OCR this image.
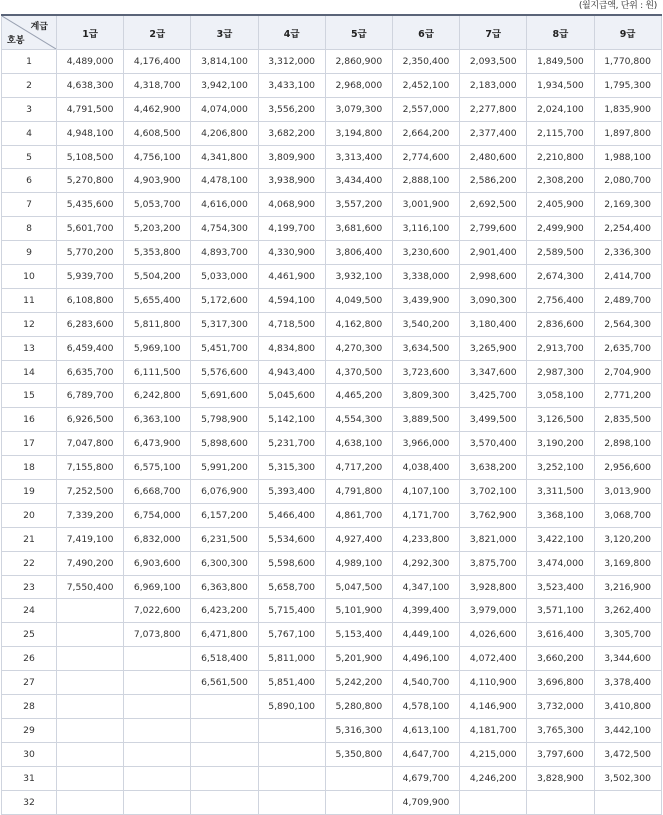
(월지급액, 단위 : 원)
계급
호봉	1급	2급	3급	4급	5급	6급	7급	8급	9급
1	4,489,000	4,176,400	3,814,100	3,312,000	2,860,900	2,350,400	2,093,500	1,849,500	1,770,800
2	4,638,300	4,318,700	3,942,100	3,433,100	2,968,000	2,452,100	2,183,000	1,934,500	1,795,300
3	4,791,500	4,462,900	4,074,000	3,556,200	3,079,300	2,557,000	2,277,800	2,024,100	1,835,900
4	4,948,100	4,608,500	4,206,800	3,682,200	3,194,800	2,664,200	2,377,400	2,115,700	1,897,800
5	5,108,500	4,756,100	4,341,800	3,809,900	3,313,400	2,774,600	2,480,600	2,210,800	1,988,100
6	5,270,800	4,903,900	4,478,100	3,938,900	3,434,400	2,888,100	2,586,200	2,308,200	2,080,700
7	5,435,600	5,053,700	4,616,000	4,068,900	3,557,200	3,001,900	2,692,500	2,405,900	2,169,300
8	5,601,700	5,203,200	4,754,300	4,199,700	3,681,600	3,116,100	2,799,600	2,499,900	2,254,400
9	5,770,200	5,353,800	4,893,700	4,330,900	3,806,400	3,230,600	2,901,400	2,589,500	2,336,300
10	5,939,700	5,504,200	5,033,000	4,461,900	3,932,100	3,338,000	2,998,600	2,674,300	2,414,700
11	6,108,800	5,655,400	5,172,600	4,594,100	4,049,500	3,439,900	3,090,300	2,756,400	2,489,700
12	6,283,600	5,811,800	5,317,300	4,718,500	4,162,800	3,540,200	3,180,400	2,836,600	2,564,300
13	6,459,400	5,969,100	5,451,700	4,834,800	4,270,300	3,634,500	3,265,900	2,913,700	2,635,700
14	6,635,700	6,111,500	5,576,600	4,943,400	4,370,500	3,723,600	3,347,600	2,987,300	2,704,900
15	6,789,700	6,242,800	5,691,600	5,045,600	4,465,200	3,809,300	3,425,700	3,058,100	2,771,200
16	6,926,500	6,363,100	5,798,900	5,142,100	4,554,300	3,889,500	3,499,500	3,126,500	2,835,500
17	7,047,800	6,473,900	5,898,600	5,231,700	4,638,100	3,966,000	3,570,400	3,190,200	2,898,100
18	7,155,800	6,575,100	5,991,200	5,315,300	4,717,200	4,038,400	3,638,200	3,252,100	2,956,600
19	7,252,500	6,668,700	6,076,900	5,393,400	4,791,800	4,107,100	3,702,100	3,311,500	3,013,900
20	7,339,200	6,754,000	6,157,200	5,466,400	4,861,700	4,171,700	3,762,900	3,368,100	3,068,700
21	7,419,100	6,832,000	6,231,500	5,534,600	4,927,400	4,233,800	3,821,000	3,422,100	3,120,200
22	7,490,200	6,903,600	6,300,300	5,598,600	4,989,100	4,292,300	3,875,700	3,474,000	3,169,800
23	7,550,400	6,969,100	6,363,800	5,658,700	5,047,500	4,347,100	3,928,800	3,523,400	3,216,900
24		7,022,600	6,423,200	5,715,400	5,101,900	4,399,400	3,979,000	3,571,100	3,262,400
25		7,073,800	6,471,800	5,767,100	5,153,400	4,449,100	4,026,600	3,616,400	3,305,700
26			6,518,400	5,811,000	5,201,900	4,496,100	4,072,400	3,660,200	3,344,600
27			6,561,500	5,851,400	5,242,200	4,540,700	4,110,900	3,696,800	3,378,400
28				5,890,100	5,280,800	4,578,100	4,146,900	3,732,000	3,410,800
29					5,316,300	4,613,100	4,181,700	3,765,300	3,442,100
30					5,350,800	4,647,700	4,215,000	3,797,600	3,472,500
31						4,679,700	4,246,200	3,828,900	3,502,300
32						4,709,900			
